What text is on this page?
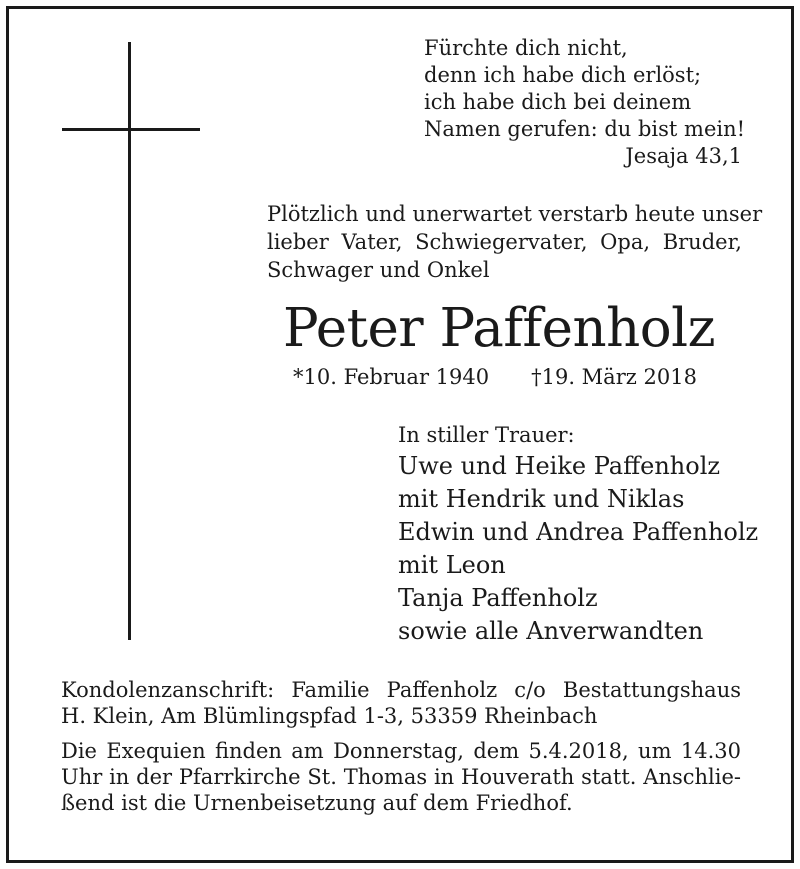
Fürchte dich nicht,
denn ich habe dich erlöst;
ich habe dich bei deinem
Namen gerufen: du bist mein!
Jesaja 43,1
Plötzlich und unerwartet verstarb heute unser
lieber Vater, Schwiegervater, Opa, Bruder,
Schwager und Onkel
Peter Paffenholz
*10. Februar 1940 †19. März 2018
In stiller Trauer:
Uwe und Heike Paffenholz
mit Hendrik und Niklas
Edwin und Andrea Paffenholz
mit Leon
Tanja Paffenholz
sowie alle Anverwandten
Kondolenzanschrift: Familie Paffenholz c/o Bestattungshaus
H. Klein, Am Blümlingspfad 1-3, 53359 Rheinbach
Die Exequien finden am Donnerstag, dem 5.4.2018, um 14.30
Uhr in der Pfarrkirche St. Thomas in Houverath statt. Anschlie-
ßend ist die Urnenbeisetzung auf dem Friedhof.
